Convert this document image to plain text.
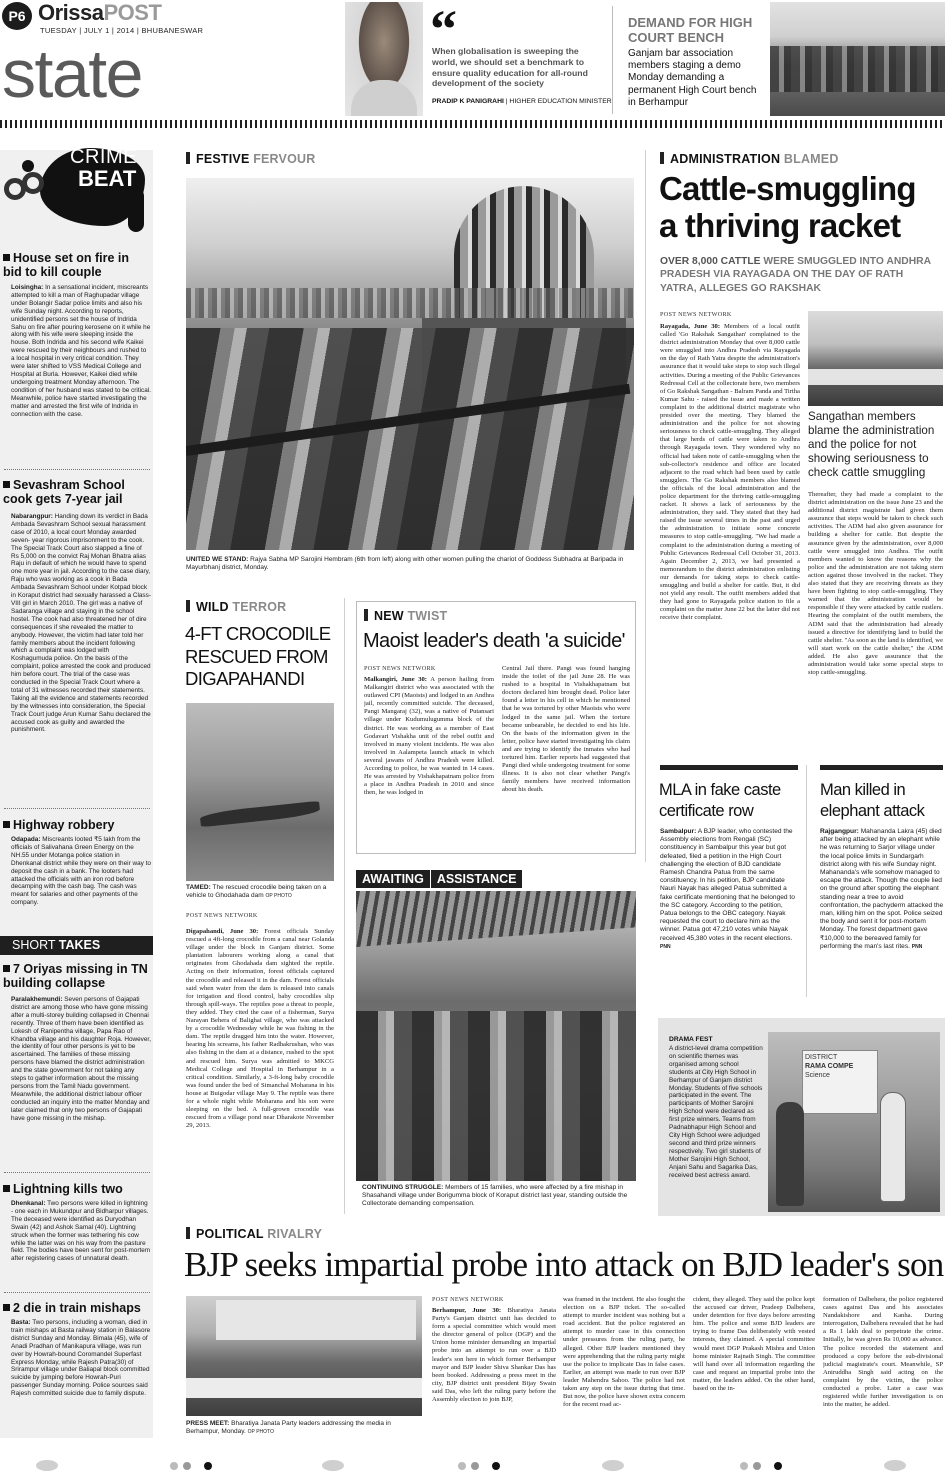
P6 OrissaPOST
TUESDAY | JULY 1 | 2014 | BHUBANESWAR
state
“
When globalisation is sweeping the world, we should set a benchmark to ensure quality education for all-round development of the society
PRADIP K PANIGRAHI | HIGHER EDUCATION MINISTER
DEMAND FOR HIGH COURT BENCH
Ganjam bar association members staging a demo Monday demanding a permanent High Court bench in Berhampur
CRIME
BEAT
House set on fire in bid to kill couple
Loisingha: In a sensational incident, miscreants attempted to kill a man of Raghupadar village under Bolangir Sadar police limits and also his wife Sunday night. According to reports, unidentified persons set the house of Indrida Sahu on fire after pouring kerosene on it while he along with his wife were sleeping inside the house. Both Indrida and his second wife Kaikei were rescued by their neighbours and rushed to a local hospital in very critical condition. They were later shifted to VSS Medical College and Hospital at Burla. However, Kaikei died while undergoing treatment Monday afternoon. The condition of her husband was stated to be critical. Meanwhile, police have started investigating the matter and arrested the first wife of Indrida in connection with the case.
Sevashram School cook gets 7-year jail
Nabarangpur: Handing down its verdict in Bada Ambada Sevashram School sexual harassment case of 2010, a local court Monday awarded seven- year rigorous imprisonment to the cook. The Special Track Court also slapped a fine of Rs 5,000 on the convict Raj Mohan Bhatra alias Raju in default of which he would have to spend one more year in jail. According to the case diary, Raju who was working as a cook in Bada Ambada Sevashram School under Kotpad block in Koraput district had sexually harassed a Class-VIII girl in March 2010. The girl was a native of Sadaranga village and staying in the school hostel. The cook had also threatened her of dire consequences if she revealed the matter to anybody. However, the victim had later told her family members about the incident following which a complaint was lodged with Koshagumuda police. On the basis of the complaint, police arrested the cook and produced him before court. The trial of the case was conducted in the Special Track Court where a total of 31 witnesses recorded their statements. Taking all the evidence and statements recorded by the witnesses into consideration, the Special Track Court judge Arun Kumar Sahu declared the accused cook as guilty and awarded the punishment.
Highway robbery
Odapada: Miscreants looted ₹5 lakh from the officials of Salivahana Green Energy on the NH.55 under Motanga police station in Dhenkanal district while they were on their way to deposit the cash in a bank. The looters had attacked the officials with an iron rod before decamping with the cash bag. The cash was meant for salaries and other payments of the company.
SHORT TAKES
7 Oriyas missing in TN building collapse
Paralakhemundi: Seven persons of Gajapati district are among those who have gone missing after a multi-storey building collapsed in Chennai recently. Three of them have been identified as Lokesh of Ranipentha village, Papa Rao of Khandba village and his daughter Roja. However, the identity of four other persons is yet to be ascertained. The families of these missing persons have blamed the district administration and the state government for not taking any steps to gather information about the missing persons from the Tamil Nadu government. Meanwhile, the additional district labour officer conducted an inquiry into the matter Monday and later claimed that only two persons of Gajapati have gone missing in the mishap.
Lightning kills two
Dhenkanal: Two persons were killed in lightning - one each in Mukundpur and Bidharpur villages. The deceased were identified as Duryodhan Swain (42) and Ashok Samal (40). Lightning struck when the former was tethering his cow while the latter was on his way from the pasture field. The bodies have been sent for post-mortem after registering cases of unnatural death.
2 die in train mishaps
Basta: Two persons, including a woman, died in train mishaps at Basta railway station in Balasore district Sunday and Monday. Bimala (45), wife of Anadi Pradhan of Manikapura village, was run over by Howrah-bound Coromandel Superfast Express Monday, while Rajesh Patra(30) of Srirampur village under Baliapal block committed suicide by jumping before Howrah-Puri passenger Sunday morning. Police sources said Rajesh committed suicide due to family dispute.
FESTIVE FERVOUR
UNITED WE STAND: Rajya Sabha MP Sarojini Hembram (6th from left) along with other women pulling the chariot of Goddess Subhadra at Baripada in Mayurbhanj district, Monday.
ADMINISTRATION BLAMED
Cattle-smuggling a thriving racket
OVER 8,000 CATTLE WERE SMUGGLED INTO ANDHRA PRADESH VIA RAYAGADA ON THE DAY OF RATH YATRA, ALLEGES GO RAKSHAK
POST NEWS NETWORK
Rayagada, June 30: Members of a local outfit called 'Go Rakshak Sangathan' complained to the district administration Monday that over 8,000 cattle were smuggled into Andhra Pradesh via Rayagada on the day of Rath Yatra despite the administration's assurance that it would take steps to stop such illegal activities. During a meeting of the Public Grievances Redressal Cell at the collectorate here, two members of Go Rakshak Sangathan - Balram Panda and Tirtha Kumar Sahu - raised the issue and made a written complaint to the additional district magistrate who presided over the meeting. They blamed the administration and the police for not showing seriousness to check cattle-smuggling. They alleged that large herds of cattle were taken to Andhra through Rayagada town. They wondered why no official had taken note of cattle-smuggling when the sub-collector's residence and office are located adjacent to the road which had been used by cattle smugglers. The Go Rakshak members also blamed the officials of the local administration and the police department for the thriving cattle-smuggling racket. It shows a lack of seriousness by the administration, they said. They stated that they had raised the issue several times in the past and urged the administration to initiate some concrete measures to stop cattle-smuggling. "We had made a complaint to the administration during a meeting of Public Grievances Redressal Cell October 31, 2013. Again December 2, 2013, we had presented a memorandum to the district administration enlisting our demands for taking steps to check cattle-smuggling and build a shelter for cattle. But, it did not yield any result. The outfit members added that they had gone to Rayagada police station to file a complaint on the matter June 22 but the latter did not receive their complaint.
Sangathan members blame the administration and the police for not showing seriousness to check cattle smuggling
Thereafter, they had made a complaint to the district administration on the issue June 23 and the additional district magistrate had given them assurance that steps would be taken to check such activities. The ADM had also given assurance for building a shelter for cattle. But despite the assurance given by the administration, over 8,000 cattle were smuggled into Andhra. The outfit members wanted to know the reasons why the police and the administration are not taking stern action against those involved in the racket. They also stated that they are receiving threats as they have been fighting to stop cattle-smuggling. They warned that the administration would be responsible if they were attacked by cattle rustlers. Hearing the complaint of the outfit members, the ADM said that the administration had already issued a directive for identifying land to build the cattle shelter. "As soon as the land is identified, we will start work on the cattle shelter," the ADM added. He also gave assurance that the administration would take some special steps to stop cattle-smuggling.
WILD TERROR
4-FT CROCODILE RESCUED FROM DIGAPAHANDI
TAMED: The rescued crocodile being taken on a vehicle to Ghodahada dam OP PHOTO
POST NEWS NETWORK
Digapahandi, June 30: Forest officials Sunday rescued a 4ft-long crocodile from a canal near Golanda village under the block in Ganjam district. Some plantation labourers working along a canal that originates from Ghodahada dam sighted the reptile. Acting on their information, forest officials captured the crocodile and released it in the dam. Forest officials said when water from the dam is released into canals for irrigation and flood control, baby crocodiles slip through spill-ways. The reptiles pose a threat to people, they added. They cited the case of a fisherman, Surya Narayan Behera of Balighai village, who was attacked by a crocodile Wednesday while he was fishing in the dam. The reptile dragged him into the water. However, hearing his screams, his father Radhakrushan, who was also fishing in the dam at a distance, rushed to the spot and rescued him. Surya was admitted to MKCG Medical College and Hospital in Berhampur in a critical condition. Similarly, a 3-ft-long baby crocodile was found under the bed of Simanchal Moharana in his house at Buigodar village May 9. The reptile was there for a whole night while Moharana and his son were sleeping on the bed. A full-grown crocodile was rescued from a village pond near Dharakote November 29, 2013.
NEW TWIST
Maoist leader's death 'a suicide'
POST NEWS NETWORK
Malkangiri, June 30: A person hailing from Malkangiri district who was associated with the outlawed CPI (Maoists) and lodged in an Andhra jail, recently committed suicide. The deceased, Pangi Mangaraj (32), was a native of Putansari village under Kudumulugumma block of the district. He was working as a member of East Godavari Vishakha unit of the rebel outfit and involved in many violent incidents. He was also involved in Aalampeta launch attack in which several jawans of Andhra Pradesh were killed. According to police, he was wanted in 14 cases. He was arrested by Vishakhapatnam police from a place in Andhra Pradesh in 2010 and since then, he was lodged in
Central Jail there. Pangi was found hanging inside the toilet of the jail June 28. He was rushed to a hospital in Vishakhapatnam but doctors declared him brought dead. Police later found a letter in his cell in which he mentioned that he was tortured by other Maoists who were lodged in the same jail. When the torture became unbearable, he decided to end his life. On the basis of the information given in the letter, police have started investigating his claim and are trying to identify the inmates who had tortured him. Earlier reports had suggested that Pangi died while undergoing treatment for some illness. It is also not clear whether Pangi's family members have received information about his death.	MLA in fake caste certificate row
Sambalpur: A BJP leader, who contested the Assembly elections from Rengali (SC) constituency in Sambalpur this year but got defeated, filed a petition in the High Court challenging the election of BJD candidate Ramesh Chandra Patua from the same constituency. In his petition, BJP candidate Nauri Nayak has alleged Patua submitted a fake certificate mentioning that he belonged to the SC category. According to the petition, Patua belongs to the OBC category. Nayak requested the court to declare him as the winner. Patua got 47,210 votes while Nayak received 45,380 votes in the recent elections. PNN
Man killed in elephant attack
Rajgangpur: Mahananda Lakra (45) died after being attacked by an elephant while he was returning to Sarjor village under the local police limits in Sundargarh district along with his wife Sunday night. Mahananda's wife somehow managed to escape the attack. Though the couple lied on the ground after spotting the elephant standing near a tree to avoid confrontation, the pachyderm attacked the man, killing him on the spot. Police seized the body and sent it for post-mortem Monday. The forest department gave ₹10,000 to the bereaved family for performing the man's last rites. PNN
AWAITING ASSISTANCE
CONTINUING STRUGGLE: Members of 15 families, who were affected by a fire mishap in Shasahandi village under Borigumma block of Koraput district last year, standing outside the Collectorate demanding compensation.
DRAMA FEST
A district-level drama competition on scientific themes was organised among school students at City High School in Berhampur of Ganjam district Monday. Students of five schools participated in the event. The participants of Mother Sarojini High School were declared as first prize winners. Teams from Padnabhapur High School and City High School were adjudged second and third prize winners respectively. Two girl students of Mother Sarojini High School, Anjani Sahu and Sagarika Das, received best actress award.
DISTRICT
RAMA COMPE
Science
POLITICAL RIVALRY
BJP seeks impartial probe into attack on BJD leader's son
PRESS MEET: Bharatiya Janata Party leaders addressing the media in Berhampur, Monday. OP PHOTO
POST NEWS NETWORK
Berhampur, June 30: Bharatiya Janata Party's Ganjam district unit has decided to form a special committee which would meet the director general of police (DGP) and the Union home minister demanding an impartial probe into an attempt to run over a BJD leader's son here in which former Berhampur mayor and BJP leader Shiva Shankar Das has been booked. Addressing a press meet in the city, BJP district unit president Bijay Swain said Das, who left the ruling party before the Assembly election to join BJP,
was framed in the incident. He also fought the election on a BJP ticket. The so-called attempt to murder incident was nothing but a road accident. But the police registered an attempt to murder case in this connection under pressures from the ruling party, he alleged. Other BJP leaders mentioned they were apprehending that the ruling party might use the police to implicate Das in false cases. Earlier, an attempt was made to run over BJP leader Mahendra Sahoo. The police had not taken any step on the issue during that time. But now, the police have shown extra concern for the recent road ac-
cident, they alleged. They said the police kept the accused car driver, Pradeep Dalbehera, under detention for five days before arresting him. The police and some BJD leaders are trying to frame Das deliberately with vested interests, they claimed. A special committee would meet DGP Prakash Mishra and Union home minister Rajnath Singh. The committee will hand over all information regarding the case and request an impartial probe into the matter, the leaders added. On the other hand, based on the in-
formation of Dalbehera, the police registered cases against Das and his associates Nandakishore and Kanha. During interrogation, Dalbehera revealed that he had a Rs 1 lakh deal to perpetrate the crime. Initially, he was given Rs 10,000 as advance. The police recorded the statement and produced a copy before the sub-divisional judicial magistrate's court. Meanwhile, SP Aniruddha Singh said acting on the complaint by the victim, the police conducted a probe. Later a case was registered while further investigation is on into the matter, he added.
